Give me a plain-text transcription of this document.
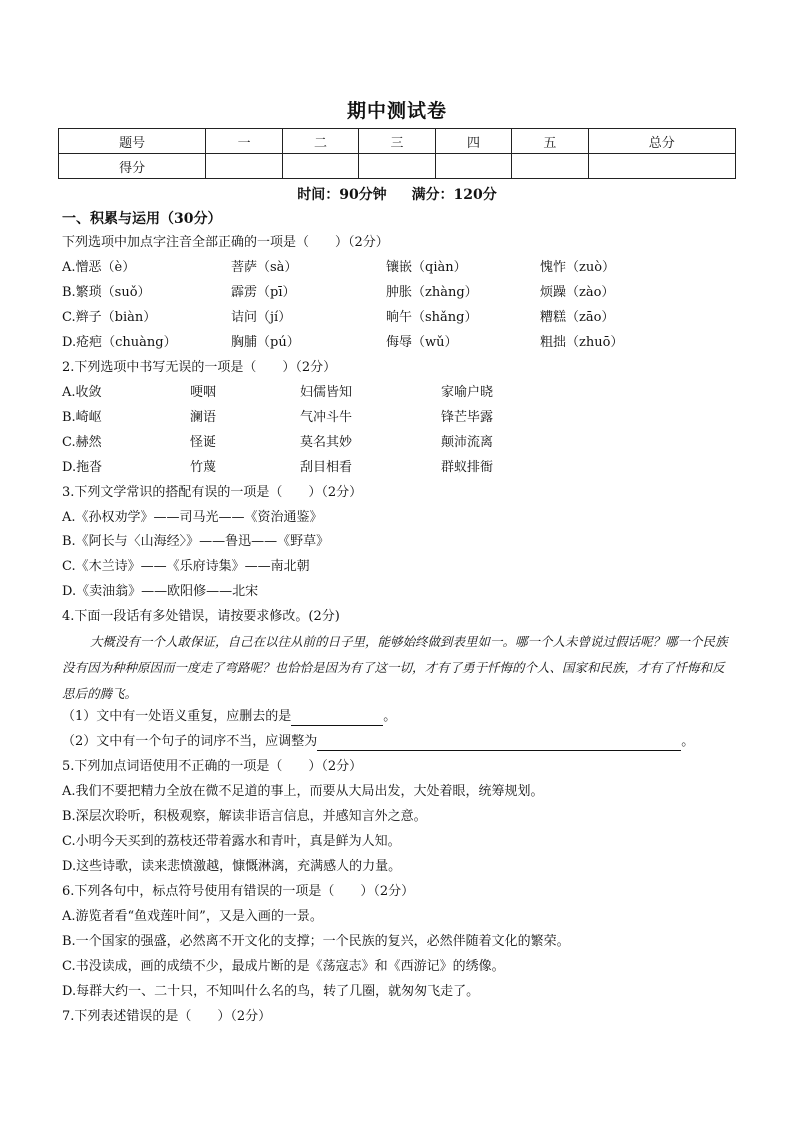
期中测试卷
题号	一	二	三	四	五	总分
得分						
时间：90分钟 满分：120分
一、积累与运用（30分）
下列选项中加点字注音全部正确的一项是（　　）（2分）
A.憎恶（è）	菩萨（sà）	镶嵌（qiàn）	愧怍（zuò）
B.繁琐（suǒ）	霹雳（pī）	肿胀（zhàng）	烦躁（zào）
C.辫子（biàn）	诘问（jí）	晌午（shǎng）	糟糕（zāo）
D.疮疤（chuàng）	胸脯（pú）	侮辱（wǔ）	粗拙（zhuō）
2.下列选项中书写无误的一项是（　　）（2分）
A.收敛	哽咽	妇儒皆知	家喻户晓
B.崎岖	澜语	气冲斗牛	锋芒毕露
C.赫然	怪诞	莫名其妙	颠沛流离
D.拖沓	竹蔑	刮目相看	群蚁排衙
3.下列文学常识的搭配有误的一项是（　　）（2分）
A.《孙权劝学》——司马光——《资治通鉴》
B.《阿长与〈山海经〉》——鲁迅——《野草》
C.《木兰诗》——《乐府诗集》——南北朝
D.《卖油翁》——欧阳修——北宋
4.下面一段话有多处错误，请按要求修改。(2分)
大概没有一个人敢保证，自己在以往从前的日子里，能够始终做到表里如一。哪一个人未曾说过假话呢？哪一个民族没有因为种种原因而一度走了弯路呢？也恰恰是因为有了这一切，才有了勇于忏悔的个人、国家和民族，才有了忏悔和反思后的腾飞。
（1）文中有一处语义重复，应删去的是	。
（2）文中有一个句子的词序不当，应调整为	。
5.下列加点词语使用不正确的一项是（　　）（2分）
A.我们不要把精力全放在微不足道的事上，而要从大局出发，大处着眼，统筹规划。
B.深层次聆听，积极观察，解读非语言信息，并感知言外之意。
C.小明今天买到的荔枝还带着露水和青叶，真是鲜为人知。
D.这些诗歌，读来悲愤激越，慷慨淋漓，充满感人的力量。
6.下列各句中，标点符号使用有错误的一项是（　　）（2分）
A.游览者看“鱼戏莲叶间”，又是入画的一景。
B.一个国家的强盛，必然离不开文化的支撑；一个民族的复兴，必然伴随着文化的繁荣。
C.书没读成，画的成绩不少，最成片断的是《荡寇志》和《西游记》的绣像。
D.每群大约一、二十只，不知叫什么名的鸟，转了几圈，就匆匆飞走了。
7.下列表述错误的是（　　）（2分）
